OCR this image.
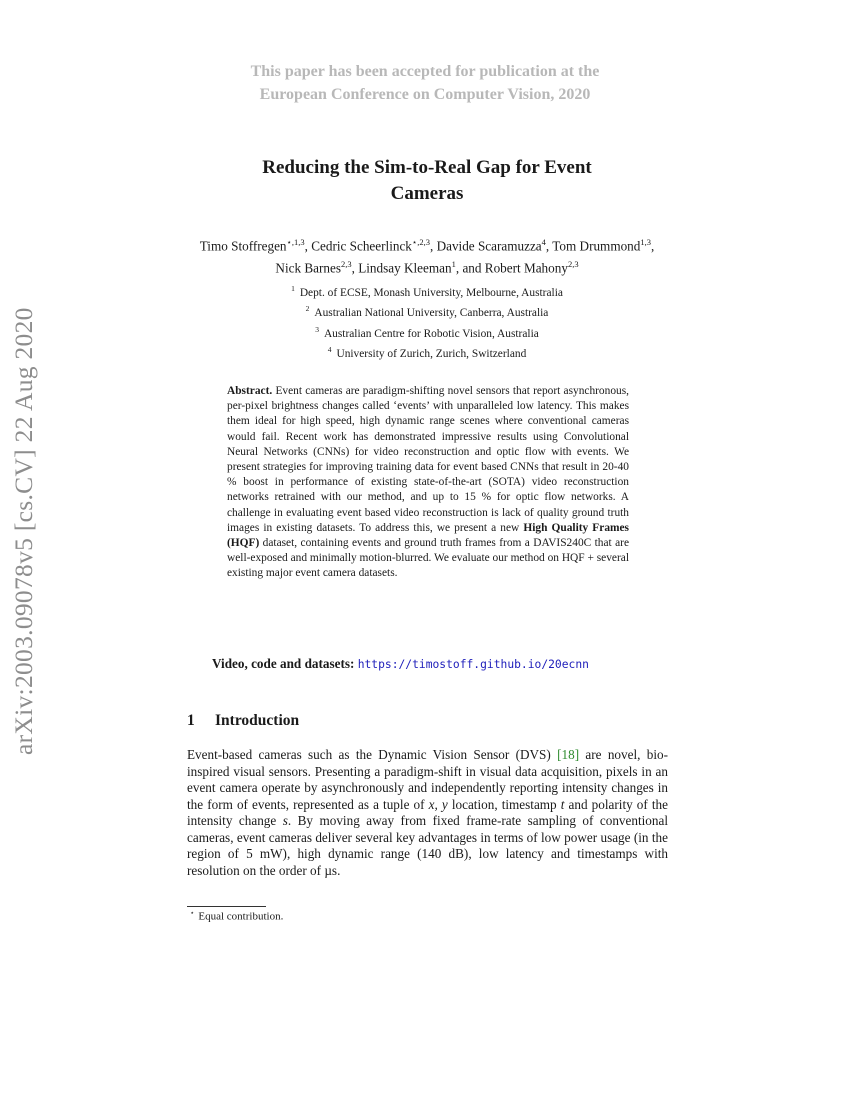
arXiv:2003.09078v5 [cs.CV] 22 Aug 2020
This paper has been accepted for publication at the
European Conference on Computer Vision, 2020
Reducing the Sim-to-Real Gap for Event
Cameras
Timo Stoffregen$^{⋆,1,3}$, Cedric Scheerlinck$^{⋆,2,3}$, Davide Scaramuzza$^4$, Tom Drummond$^{1,3}$, Nick Barnes$^{2,3}$, Lindsay Kleeman$^1$, and Robert Mahony$^{2,3}$
$^1$ Dept. of ECSE, Monash University, Melbourne, Australia
$^2$ Australian National University, Canberra, Australia
$^3$ Australian Centre for Robotic Vision, Australia
$^4$ University of Zurich, Zurich, Switzerland
Abstract. Event cameras are paradigm-shifting novel sensors that report asynchronous, per-pixel brightness changes called ‘events’ with unparalleled low latency. This makes them ideal for high speed, high dynamic range scenes where conventional cameras would fail. Recent work has demonstrated impressive results using Convolutional Neural Networks (CNNs) for video reconstruction and optic flow with events. We present strategies for improving training data for event based CNNs that result in 20-40 % boost in performance of existing state-of-the-art (SOTA) video reconstruction networks retrained with our method, and up to 15 % for optic flow networks. A challenge in evaluating event based video reconstruction is lack of quality ground truth images in existing datasets. To address this, we present a new High Quality Frames (HQF) dataset, containing events and ground truth frames from a DAVIS240C that are well-exposed and minimally motion-blurred. We evaluate our method on HQF + several existing major event camera datasets.
Video, code and datasets: https://timostoff.github.io/20ecnn
1 Introduction
Event-based cameras such as the Dynamic Vision Sensor (DVS) [18] are novel, bio-inspired visual sensors. Presenting a paradigm-shift in visual data acquisition, pixels in an event camera operate by asynchronously and independently reporting intensity changes in the form of events, represented as a tuple of x, y location, timestamp t and polarity of the intensity change s. By moving away from fixed frame-rate sampling of conventional cameras, event cameras deliver several key advantages in terms of low power usage (in the region of 5 mW), high dynamic range (140 dB), low latency and timestamps with resolution on the order of µs.
⋆ Equal contribution.
